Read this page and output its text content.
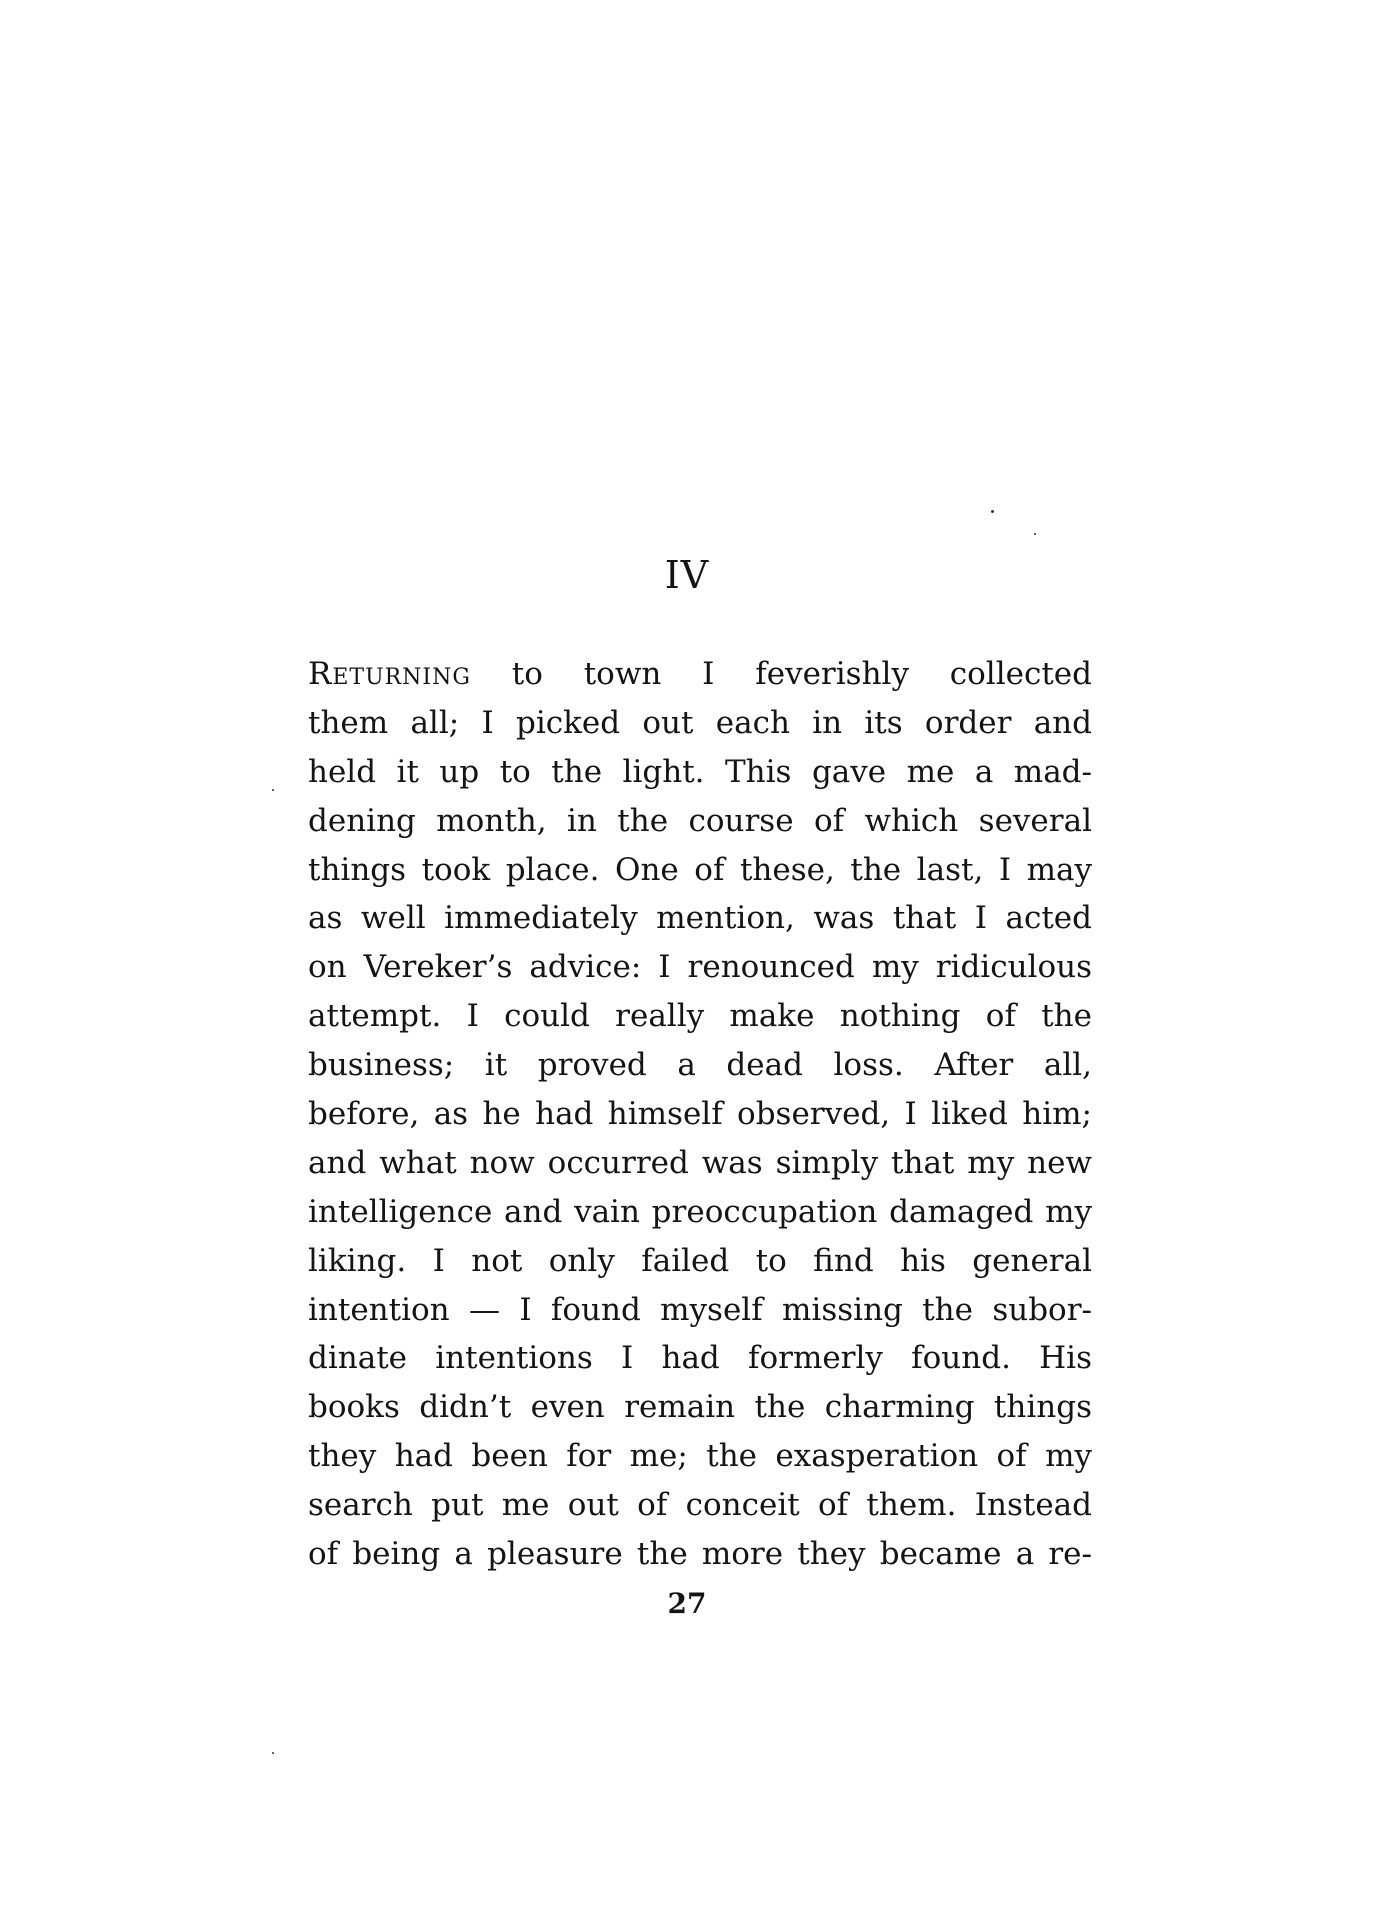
IV
Returning to town I feverishly collected
them all; I picked out each in its order and
held it up to the light. This gave me a mad-
dening month, in the course of which several
things took place. One of these, the last, I may
as well immediately mention, was that I acted
on Vereker’s advice: I renounced my ridiculous
attempt. I could really make nothing of the
business; it proved a dead loss. After all,
before, as he had himself observed, I liked him;
and what now occurred was simply that my new
intelligence and vain preoccupation damaged my
liking. I not only failed to find his general
intention — I found myself missing the subor-
dinate intentions I had formerly found. His
books didn’t even remain the charming things
they had been for me; the exasperation of my
search put me out of conceit of them. Instead
of being a pleasure the more they became a re-
27
